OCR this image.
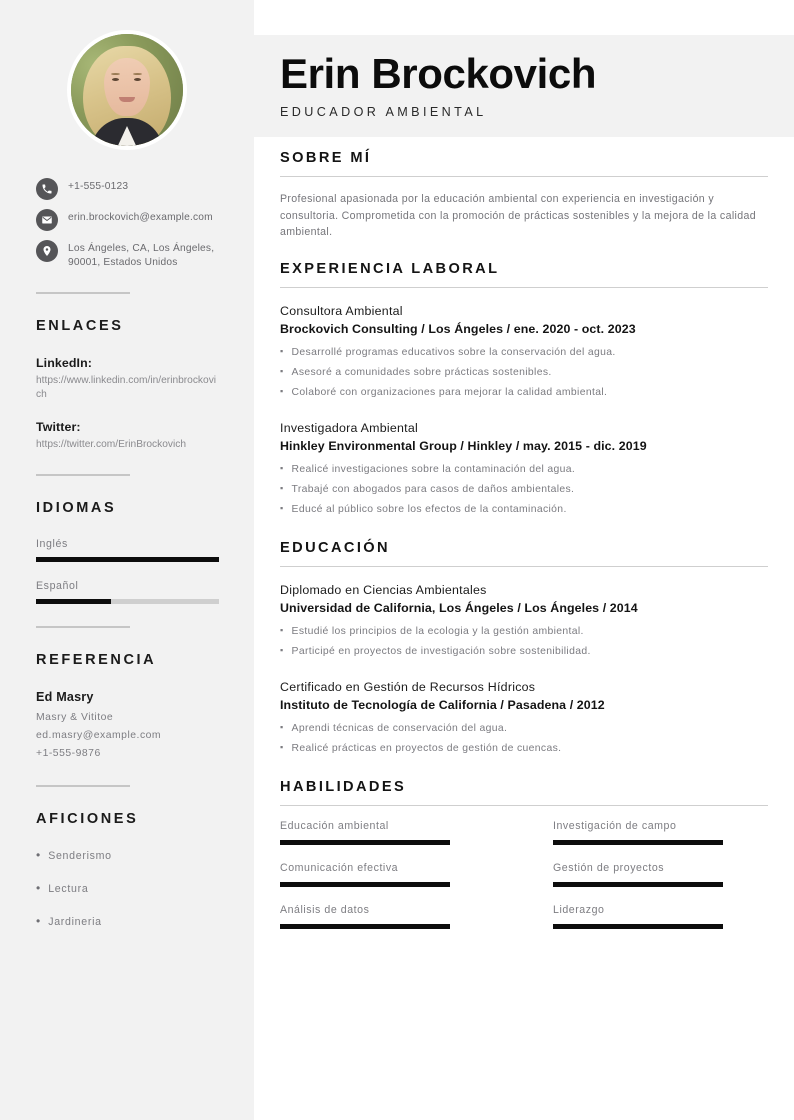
+1-555-0123
erin.brockovich@example.com
Los Ángeles, CA, Los Ángeles, 90001, Estados Unidos
ENLACES
LinkedIn:
https://www.linkedin.com/in/erinbrockovich
Twitter:
https://twitter.com/ErinBrockovich
IDIOMAS
Inglés
Español
REFERENCIA
Ed Masry
Masry & Vititoe
ed.masry@example.com
+1-555-9876
AFICIONES
• Senderismo
• Lectura
• Jardineria
Erin Brockovich
EDUCADOR AMBIENTAL
SOBRE MÍ

Profesional apasionada por la educación ambiental con experiencia en investigación y consultoria. Comprometida con la promoción de prácticas sostenibles y la mejora de la calidad ambiental.

EXPERIENCIA LABORAL
Consultora Ambiental
Brockovich Consulting / Los Ángeles / ene. 2020 - oct. 2023
▪ Desarrollé programas educativos sobre la conservación del agua.
▪ Asesoré a comunidades sobre prácticas sostenibles.
▪ Colaboré con organizaciones para mejorar la calidad ambiental.
Investigadora Ambiental
Hinkley Environmental Group / Hinkley / may. 2015 - dic. 2019
▪ Realicé investigaciones sobre la contaminación del agua.
▪ Trabajé con abogados para casos de daños ambientales.
▪ Educé al público sobre los efectos de la contaminación.
EDUCACIÓN
Diplomado en Ciencias Ambientales
Universidad de California, Los Ángeles / Los Ángeles / 2014
▪ Estudié los principios de la ecologia y la gestión ambiental.
▪ Participé en proyectos de investigación sobre sostenibilidad.
Certificado en Gestión de Recursos Hídricos
Instituto de Tecnología de California / Pasadena / 2012
▪ Aprendi técnicas de conservación del agua.
▪ Realicé prácticas en proyectos de gestión de cuencas.
HABILIDADES
Educación ambiental	Investigación de campo
Comunicación efectiva	Gestión de proyectos
Análisis de datos	Liderazgo
